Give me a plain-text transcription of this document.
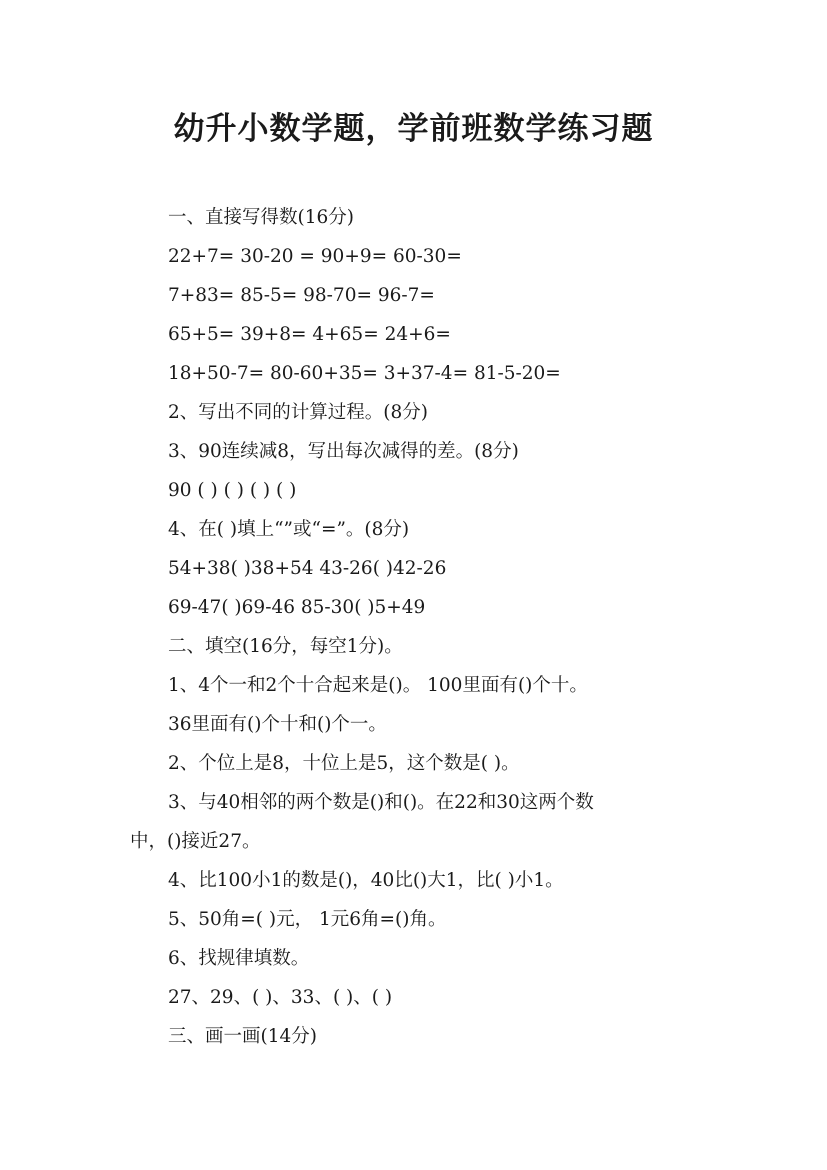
幼升小数学题，学前班数学练习题
一、直接写得数(16分)
22+7= 30-20 = 90+9= 60-30=
7+83= 85-5= 98-70= 96-7=
65+5= 39+8= 4+65= 24+6=
18+50-7= 80-60+35= 3+37-4= 81-5-20=
2、写出不同的计算过程。(8分)
3、90连续减8，写出每次减得的差。(8分)
90 ( ) ( ) ( ) ( )
4、在( )填上“”或“=”。(8分)
54+38( )38+54 43-26( )42-26
69-47( )69-46 85-30( )5+49
二、填空(16分，每空1分)。
1、4个一和2个十合起来是()。 100里面有()个十。
36里面有()个十和()个一。
2、个位上是8，十位上是5，这个数是( )。
3、与40相邻的两个数是()和()。在22和30这两个数
中，()接近27。
4、比100小1的数是()，40比()大1，比( )小1。
5、50角=( )元， 1元6角=()角。
6、找规律填数。
27、29、( )、33、( )、( )
三、画一画(14分)
